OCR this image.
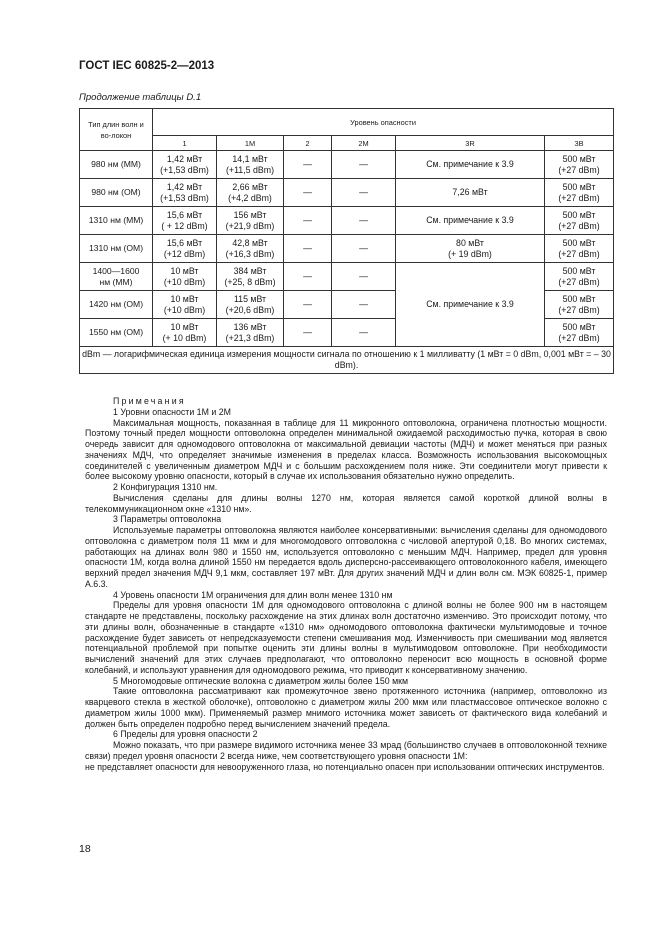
ГОСТ IEC 60825-2—2013
Продолжение таблицы D.1
Тип длин волн и во-локон	Уровень опасности					
	1	1M	2	2M	3R	3B
980 нм (ММ)	1,42 мВт
(+1,53 dBm)	14,1 мВт
(+11,5 dBm)	—	—	См. примечание к 3.9	500 мВт
(+27 dBm)
980 нм (ОМ)	1,42 мВт
(+1,53 dBm)	2,66 мВт
(+4,2 dBm)	—	—	7,26 мВт	500 мВт
(+27 dBm)
1310 нм (ММ)	15,6 мВт
( + 12 dBm)	156 мВт
(+21,9 dBm)	—	—	См. примечание к 3.9	500 мВт
(+27 dBm)
1310 нм (ОМ)	15,6 мВт
(+12 dBm)	42,8 мВт
(+16,3 dBm)	—	—	80 мВт
(+ 19 dBm)	500 мВт
(+27 dBm)
1400—1600
нм (ММ)	10 мВт
(+10 dBm)	384 мВт
(+25, 8 dBm)	—	—	См. примечание к 3.9	500 мВт
(+27 dBm)
1420 нм (ОМ)	10 мВт
(+10 dBm)	115 мВт
(+20,6 dBm)	—	—		500 мВт
(+27 dBm)
1550 нм (ОМ)	10 мВт
(+ 10 dBm)	136 мВт
(+21,3 dBm)	—	—		500 мВт
(+27 dBm)
dBm — логарифмическая единица измерения мощности сигнала по отношению к 1 милливатту (1 мВт = 0 dBm, 0,001 мВт = – 30 dBm).						

Примечания

1 Уровни опасности 1М и 2М

Максимальная мощность, показанная в таблице для 11 микронного оптоволокна, ограничена плотностью мощности. Поэтому точный предел мощности оптоволокна определен минимальной ожидаемой расходимостью пучка, которая в свою очередь зависит для одномодового оптоволокна от максимальной девиации частоты (МДЧ) и может меняться при разных значениях МДЧ, что определяет значимые изменения в пределах класса. Возможность использования высокомощных соединителей с увеличенным диаметром МДЧ и с большим расхождением поля ниже. Эти соединители могут привести к более высокому уровню опасности, который в случае их использования обязательно нужно определить.

2 Конфигурация 1310 нм.

Вычисления сделаны для длины волны 1270 нм, которая является самой короткой длиной волны в телекоммуникационном окне «1310 нм».

3 Параметры оптоволокна

Используемые параметры оптоволокна являются наиболее консервативными: вычисления сделаны для одномодового оптоволокна с диаметром поля 11 мкм и для многомодового оптоволокна с числовой апертурой 0,18. Во многих системах, работающих на длинах волн 980 и 1550 нм, используется оптоволокно с меньшим МДЧ. Например, предел для уровня опасности 1М, когда волна длиной 1550 нм передается вдоль дисперсно-рассеивающего оптоволоконного кабеля, имеющего верхний предел значения МДЧ 9,1 мкм, составляет 197 мВт. Для других значений МДЧ и длин волн см. МЭК 60825-1, пример А.6.3.

4 Уровень опасности 1М ограничения для длин волн менее 1310 нм

Пределы для уровня опасности 1М для одномодового оптоволокна с длиной волны не более 900 нм в настоящем стандарте не представлены, поскольку расхождение на этих длинах волн достаточно изменчиво. Это происходит потому, что эти длины волн, обозначенные в стандарте «1310 нм» одномодового оптоволокна фактически мультимодовые и точное расхождение будет зависеть от непредсказуемости степени смешивания мод. Изменчивость при смешивании мод является потенциальной проблемой при попытке оценить эти длины волны в мультимодовом оптоволокне. При необходимости вычислений значений для этих случаев предполагают, что оптоволокно переносит всю мощность в основной форме колебаний, и используют уравнения для одномодового режима, что приводит к консервативному значению.

5 Многомодовые оптические волокна с диаметром жилы более 150 мкм

Такие оптоволокна рассматривают как промежуточное звено протяженного источника (например, оптоволокно из кварцевого стекла в жесткой оболочке), оптоволокно с диаметром жилы 200 мкм или пластмассовое оптическое волокно с диаметром жилы 1000 мкм). Применяемый размер мнимого источника может зависеть от фактического вида колебаний и должен быть определен подробно перед вычислением значений предела.

6 Пределы для уровня опасности 2

Можно показать, что при размере видимого источника менее 33 мрад (большинство случаев в оптоволоконной технике связи) предел уровня опасности 2 всегда ниже, чем соответствующего уровня опасности 1М:

не представляет опасности для невооруженного глаза, но потенциально опасен при использовании оптических инструментов.

18
